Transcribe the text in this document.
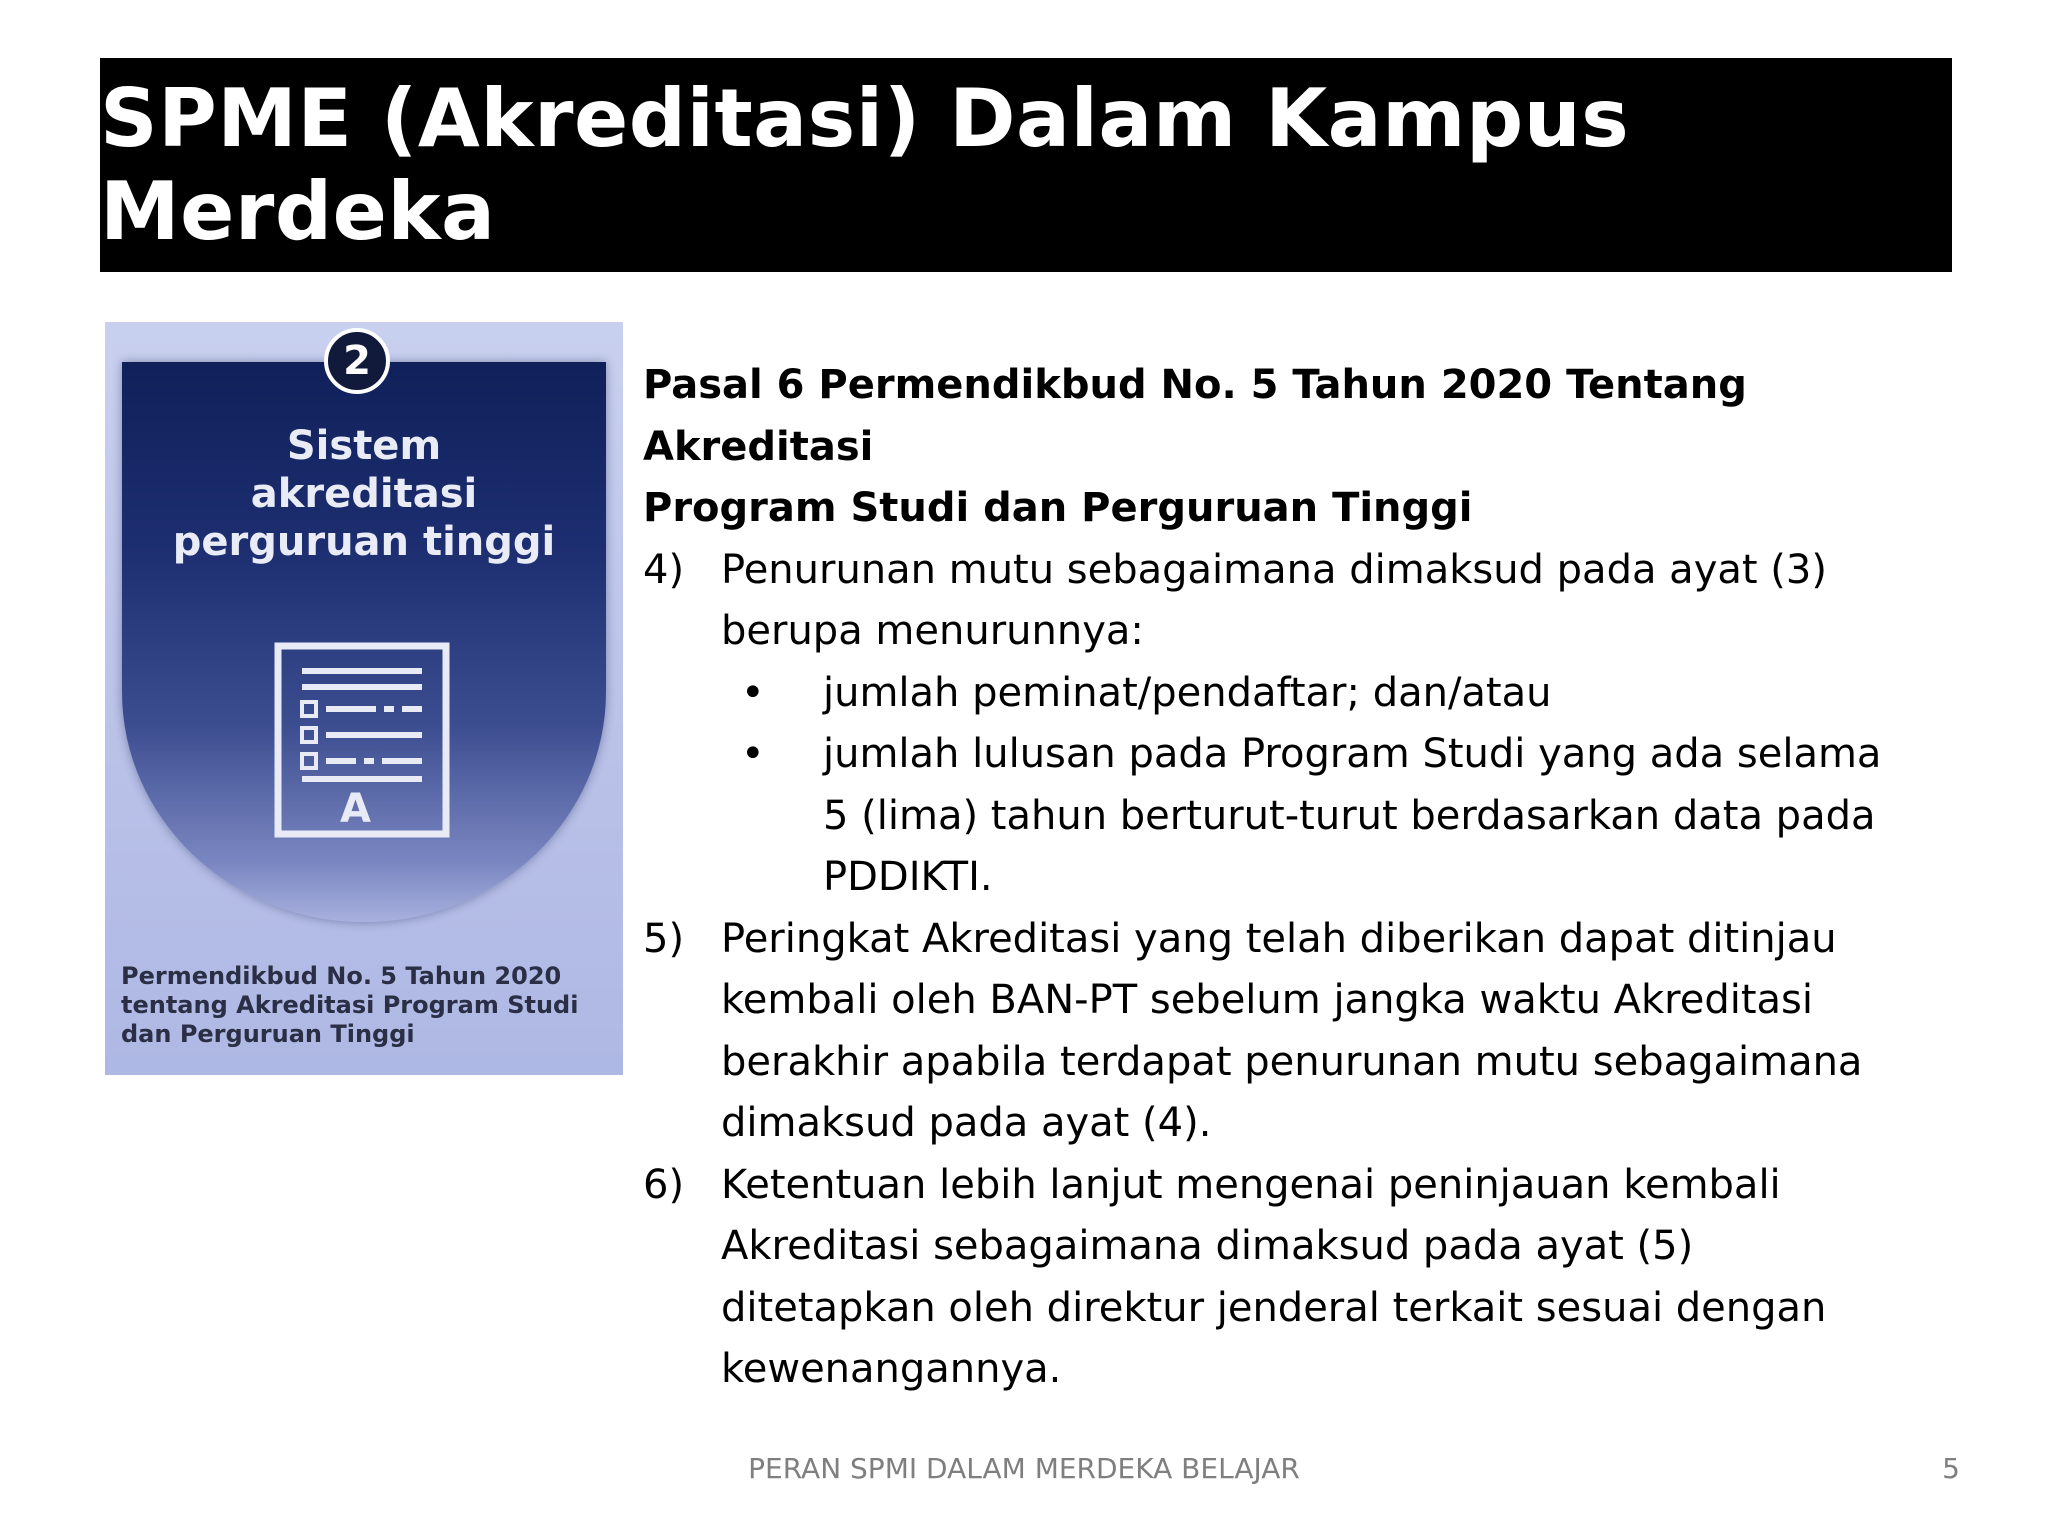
SPME (Akreditasi) Dalam Kampus Merdeka
2
Sistem
akreditasi
perguruan tinggi
A
Permendikbud No. 5 Tahun 2020
tentang Akreditasi Program Studi
dan Perguruan Tinggi
Pasal 6 Permendikbud No. 5 Tahun 2020 Tentang Akreditasi
Program Studi dan Perguruan Tinggi
4) Penurunan mutu sebagaimana dimaksud pada ayat (3)
berupa menurunnya:
• jumlah peminat/pendaftar; dan/atau
• jumlah lulusan pada Program Studi yang ada selama
5 (lima) tahun berturut-turut berdasarkan data pada
PDDIKTI.
5) Peringkat Akreditasi yang telah diberikan dapat ditinjau
kembali oleh BAN-PT sebelum jangka waktu Akreditasi
berakhir apabila terdapat penurunan mutu sebagaimana
dimaksud pada ayat (4).
6) Ketentuan lebih lanjut mengenai peninjauan kembali
Akreditasi sebagaimana dimaksud pada ayat (5)
ditetapkan oleh direktur jenderal terkait sesuai dengan
kewenangannya.
PERAN SPMI DALAM MERDEKA BELAJAR	5
